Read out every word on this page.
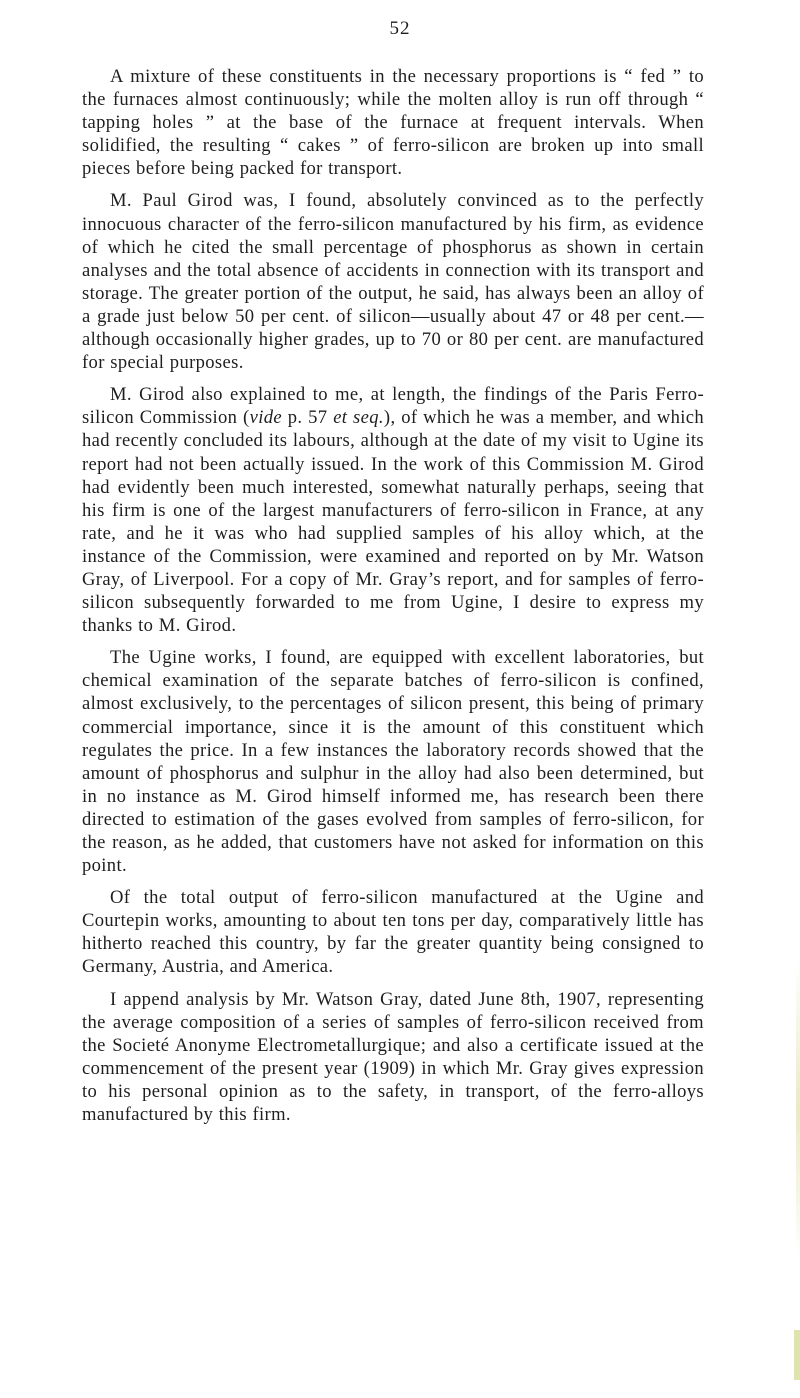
52

A mixture of these constituents in the necessary proportions is “ fed ” to the furnaces almost continuously; while the molten alloy is run off through “ tapping holes ” at the base of the furnace at frequent intervals. When solidified, the resulting “ cakes ” of ferro-silicon are broken up into small pieces before being packed for transport.

M. Paul Girod was, I found, absolutely convinced as to the perfectly innocuous character of the ferro-silicon manufactured by his firm, as evidence of which he cited the small percentage of phosphorus as shown in certain analyses and the total absence of accidents in connection with its transport and storage. The greater portion of the output, he said, has always been an alloy of a grade just below 50 per cent. of silicon—usually about 47 or 48 per cent.—although occasionally higher grades, up to 70 or 80 per cent. are manufactured for special purposes.

M. Girod also explained to me, at length, the findings of the Paris Ferro-silicon Commission (vide p. 57 et seq.), of which he was a member, and which had recently concluded its labours, although at the date of my visit to Ugine its report had not been actually issued. In the work of this Commission M. Girod had evidently been much interested, somewhat naturally perhaps, seeing that his firm is one of the largest manufacturers of ferro-silicon in France, at any rate, and he it was who had supplied samples of his alloy which, at the instance of the Commission, were examined and reported on by Mr. Watson Gray, of Liverpool. For a copy of Mr. Gray’s report, and for samples of ferro-silicon subsequently forwarded to me from Ugine, I desire to express my thanks to M. Girod.

The Ugine works, I found, are equipped with excellent laboratories, but chemical examination of the separate batches of ferro-silicon is confined, almost exclusively, to the percentages of silicon present, this being of primary commercial importance, since it is the amount of this constituent which regulates the price. In a few instances the laboratory records showed that the amount of phosphorus and sulphur in the alloy had also been determined, but in no instance as M. Girod himself informed me, has research been there directed to estimation of the gases evolved from samples of ferro-silicon, for the reason, as he added, that customers have not asked for information on this point.

Of the total output of ferro-silicon manufactured at the Ugine and Courtepin works, amounting to about ten tons per day, comparatively little has hitherto reached this country, by far the greater quantity being consigned to Germany, Austria, and America.

I append analysis by Mr. Watson Gray, dated June 8th, 1907, representing the average composition of a series of samples of ferro-silicon received from the Societé Anonyme Electrometallurgique; and also a certificate issued at the commencement of the present year (1909) in which Mr. Gray gives expression to his personal opinion as to the safety, in transport, of the ferro-alloys manufactured by this firm.
